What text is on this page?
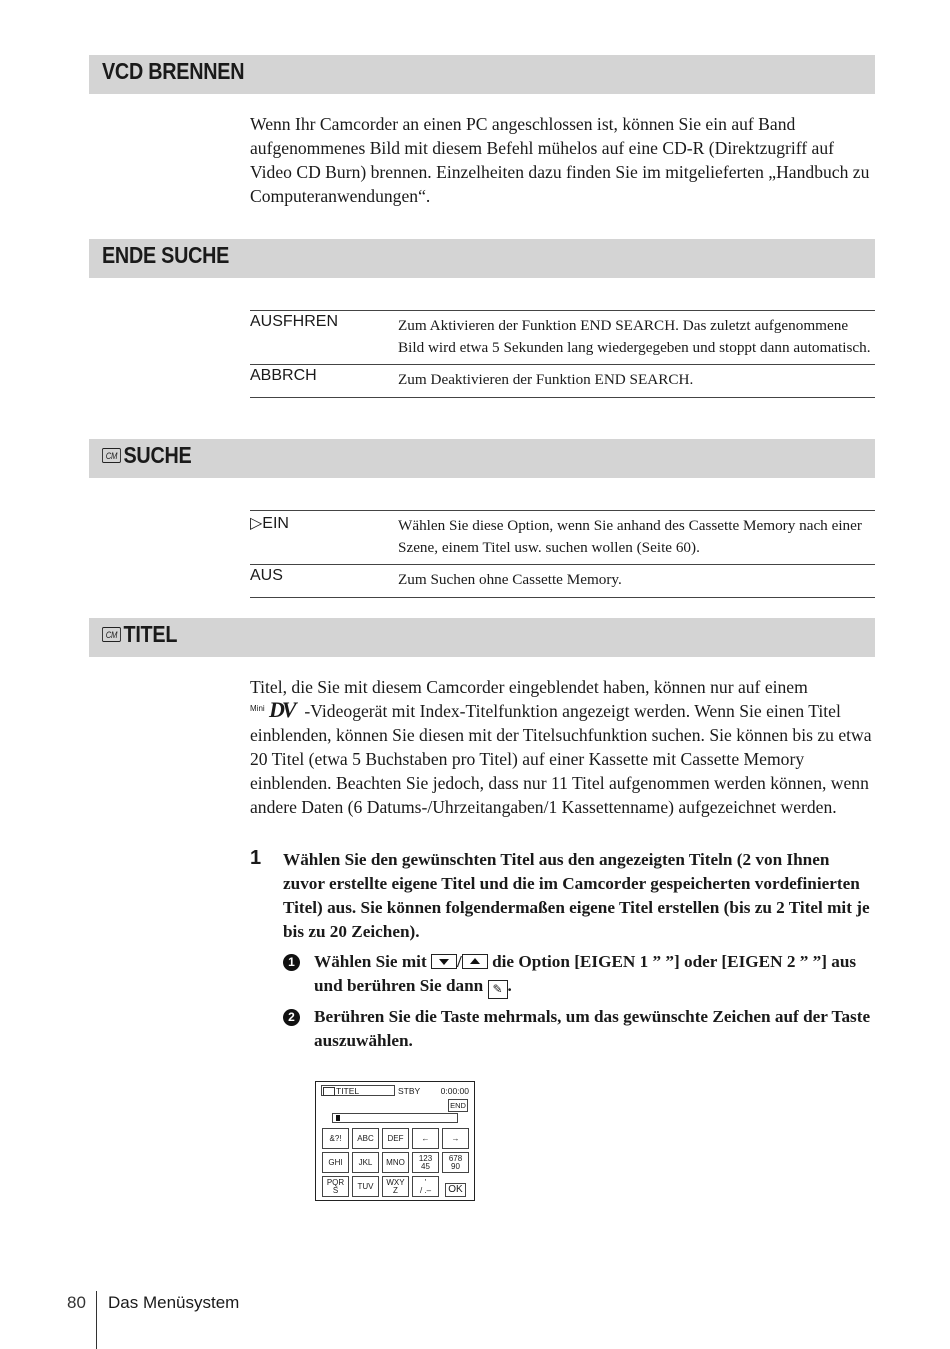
VCD BRENNEN

Wenn Ihr Camcorder an einen PC angeschlossen ist, können Sie ein auf Band aufgenommenes Bild mit diesem Befehl mühelos auf eine CD-R (Direktzugriff auf Video CD Burn) brennen. Einzelheiten dazu finden Sie im mitgelieferten „Handbuch zu Computeranwendungen“.

ENDE SUCHE
AUSFHREN	Zum Aktivieren der Funktion END SEARCH. Das zuletzt aufgenommene Bild wird etwa 5 Sekunden lang wiedergegeben und stoppt dann automatisch.
ABBRCH	Zum Deaktivieren der Funktion END SEARCH.
CM SUCHE
▷EIN	Wählen Sie diese Option, wenn Sie anhand des Cassette Memory nach einer Szene, einem Titel usw. suchen wollen (Seite 60).
AUS	Zum Suchen ohne Cassette Memory.
CM TITEL

Titel, die Sie mit diesem Camcorder eingeblendet haben, können nur auf einem

Mini DV -Videogerät mit Index-Titelfunktion angezeigt werden. Wenn Sie einen Titel einblenden, können Sie diesen mit der Titelsuchfunktion suchen. Sie können bis zu etwa 20 Titel (etwa 5 Buchstaben pro Titel) auf einer Kassette mit Cassette Memory einblenden. Beachten Sie jedoch, dass nur 11 Titel aufgenommen werden können, wenn andere Daten (6 Datums-/Uhrzeitangaben/1 Kassettenname) aufgezeichnet werden.

1 Wählen Sie den gewünschten Titel aus den angezeigten Titeln (2 von Ihnen zuvor erstellte eigene Titel und die im Camcorder gespeicherten vordefinierten Titel) aus. Sie können folgendermaßen eigene Titel erstellen (bis zu 2 Titel mit je bis zu 20 Zeichen).
1 Wählen Sie mit
/
die Option [EIGEN 1 ” ”] oder [EIGEN 2 ” ”] aus und berühren Sie dann ✎ .
2 Berühren Sie die Taste mehrmals, um das gewünschte Zeichen auf der Taste auszuwählen.
TITEL	STBY 0:00:00
END
&?!	ABC	DEF	←	→
GHI	JKL	MNO	123
45
678
90
PQR
S	TUV	WXY
Z
'
/ .–	OK
80 Das Menüsystem
